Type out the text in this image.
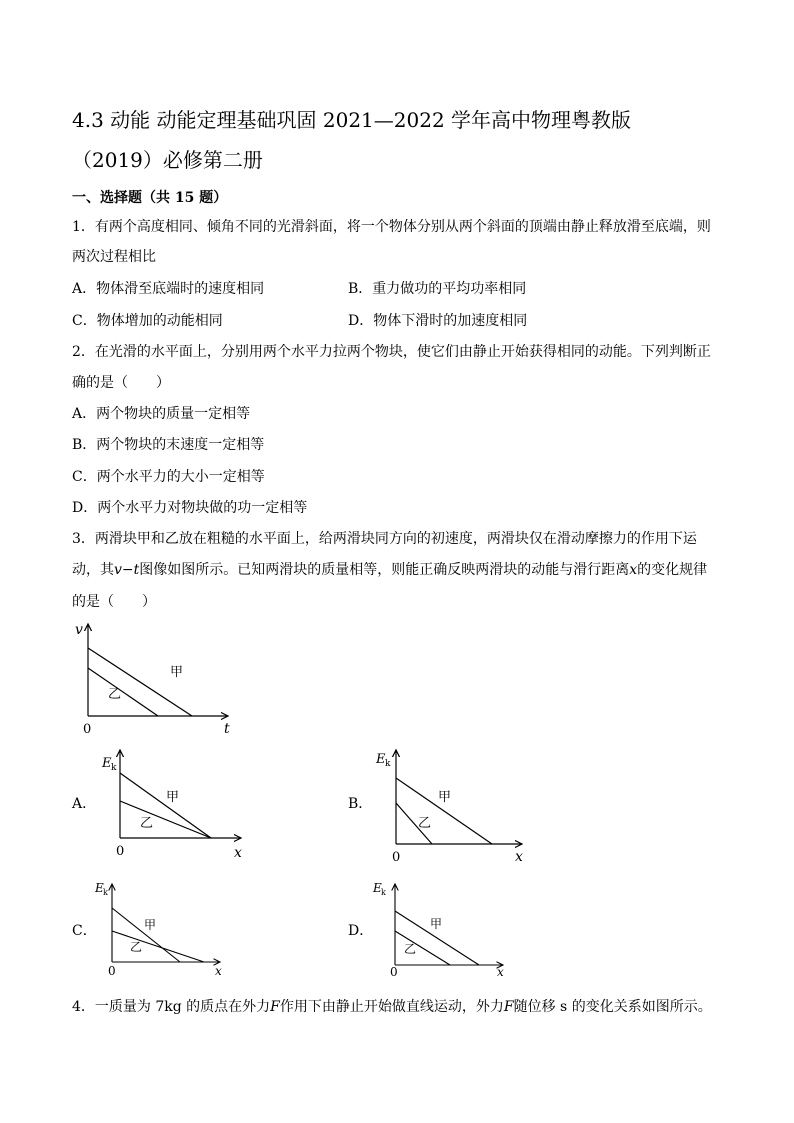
4.3 动能 动能定理基础巩固 2021—2022 学年高中物理粤教版
（2019）必修第二册
一、选择题（共 15 题）
1．有两个高度相同、倾角不同的光滑斜面，将一个物体分别从两个斜面的顶端由静止释放滑至底端，则
两次过程相比
A．物体滑至底端时的速度相同	B．重力做功的平均功率相同
C．物体增加的动能相同	D．物体下滑时的加速度相同
2．在光滑的水平面上，分别用两个水平力拉两个物块，使它们由静止开始获得相同的动能。下列判断正
确的是（　　）
A．两个物块的质量一定相等
B．两个物块的末速度一定相等
C．两个水平力的大小一定相等
D．两个水平力对物块做的功一定相等
3．两滑块甲和乙放在粗糙的水平面上，给两滑块同方向的初速度，两滑块仅在滑动摩擦力的作用下运
动，其v−t图像如图所示。已知两滑块的质量相等，则能正确反映两滑块的动能与滑行距离x的变化规律
的是（　　）
v
t
0
甲
乙
A．	B．
C．	D．
E k
x
0
甲
乙
E k
x
0
甲
乙
E k
x
0
甲
乙
E k
x
0
甲
乙
4．一质量为 7kg 的质点在外力F作用下由静止开始做直线运动，外力F随位移 s 的变化关系如图所示。
